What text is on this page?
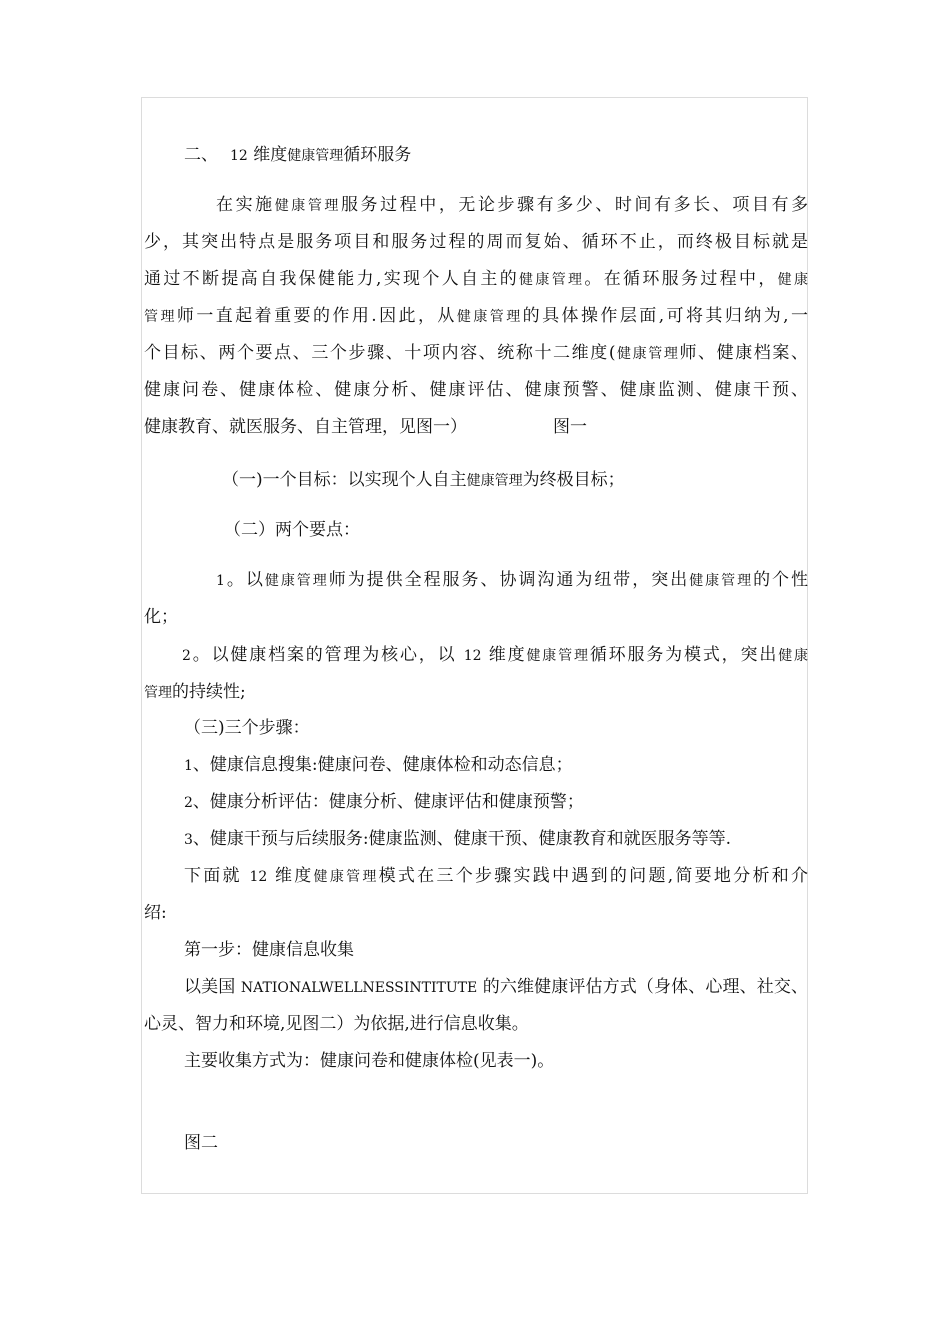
二、 12 维度健康管理循环服务
在实施健康管理服务过程中，无论步骤有多少、时间有多长、项目有多
少，其突出特点是服务项目和服务过程的周而复始、循环不止，而终极目标就是
通过不断提高自我保健能力,实现个人自主的健康管理。在循环服务过程中，健康
管理师一直起着重要的作用.因此，从健康管理的具体操作层面,可将其归纳为,一
个目标、两个要点、三个步骤、十项内容、统称十二维度(健康管理师、健康档案、
健康问卷、健康体检、健康分析、健康评估、健康预警、健康监测、健康干预、
健康教育、就医服务、自主管理，见图一）	图一
（一)一个目标：以实现个人自主健康管理为终极目标；
（二）两个要点：
1。以健康管理师为提供全程服务、协调沟通为纽带，突出健康管理的个性
化；
2。以健康档案的管理为核心，以 12 维度健康管理循环服务为模式，突出健康
管理的持续性;
（三)三个步骤：
1、健康信息搜集:健康问卷、健康体检和动态信息；
2、健康分析评估：健康分析、健康评估和健康预警；
3、健康干预与后续服务:健康监测、健康干预、健康教育和就医服务等等.
下面就 12 维度健康管理模式在三个步骤实践中遇到的问题,简要地分析和介
绍:
第一步：健康信息收集
以美国 NATIONALWELLNESSINTITUTE 的六维健康评估方式（身体、心理、社交、
心灵、智力和环境,见图二）为依据,进行信息收集。
主要收集方式为：健康问卷和健康体检(见表一)。
图二
